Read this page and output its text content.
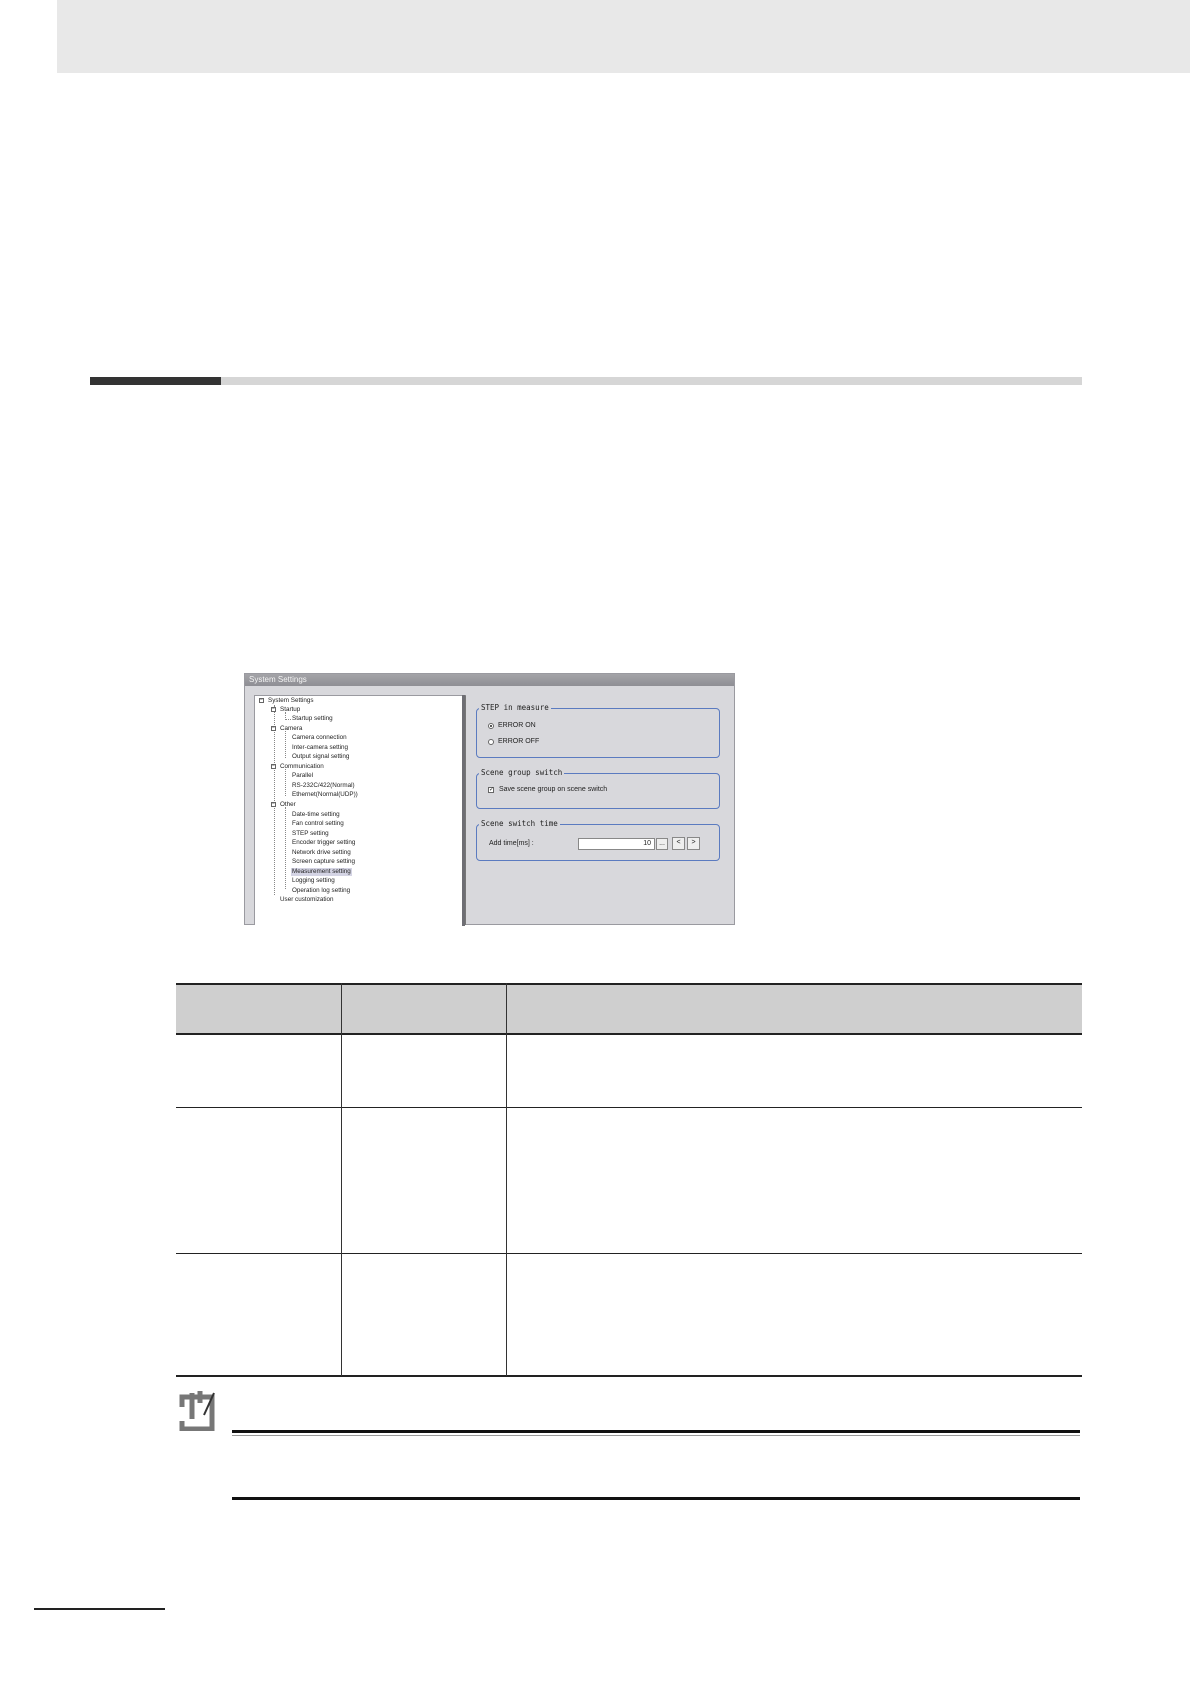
System Settings
− System Settings
− Startup
Startup setting
− Camera
Camera connection
Inter-camera setting
Output signal setting
− Communication
Parallel
RS-232C/422(Normal)
Ethernet(Normal(UDP))
− Other
Date-time setting
Fan control setting
STEP setting
Encoder trigger setting
Network drive setting
Screen capture setting
Measurement setting
Logging setting
Operation log setting
User customization
STEP in measure
ERROR ON
ERROR OFF
Scene group switch
✓ Save scene group on scene switch
Scene switch time
Add time[ms] :	10	...	<	>
